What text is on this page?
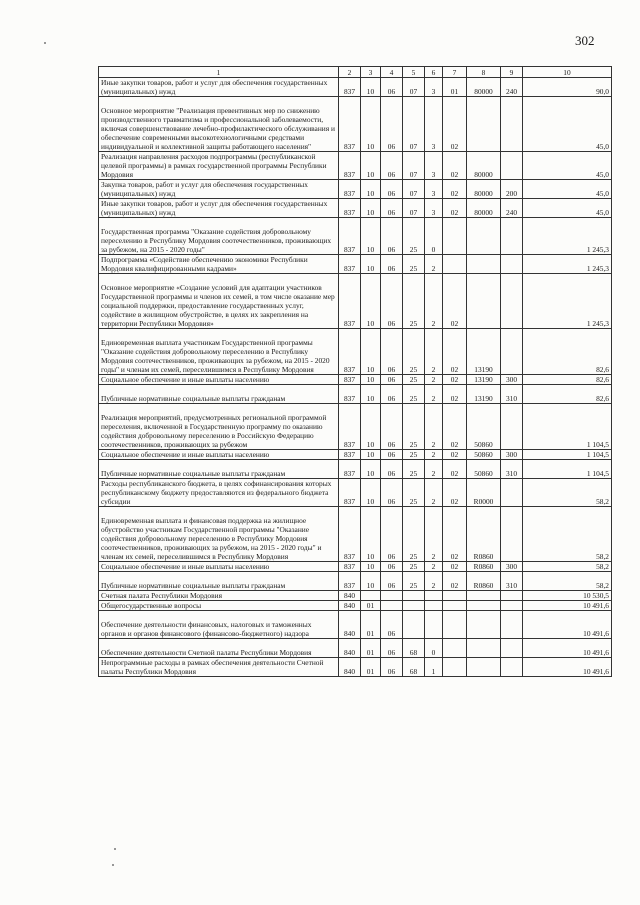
302
1	2	3	4	5	6	7	8	9	10
Иные закупки товаров, работ и услуг для обеспечения государственных (муниципальных) нужд	837	10	06	07	3	01	80000	240	90,0
Основное мероприятие "Реализация превентивных мер по снижению производственного травматизма и профессиональной заболеваемости, включая совершенствование лечебно-профилактического обслуживания и обеспечение современными высокотехнологичными средствами индивидуальной и коллективной защиты работающего населения"	837	10	06	07	3	02			45,0
Реализация направления расходов подпрограммы (республиканской целевой программы) в рамках государственной программы Республики Мордовия	837	10	06	07	3	02	80000		45,0
Закупка товаров, работ и услуг для обеспечения государственных (муниципальных) нужд	837	10	06	07	3	02	80000	200	45,0
Иные закупки товаров, работ и услуг для обеспечения государственных (муниципальных) нужд	837	10	06	07	3	02	80000	240	45,0
Государственная программа "Оказание содействия добровольному переселению в Республику Мордовия соотечественников, проживающих за рубежом, на 2015 - 2020 годы"	837	10	06	25	0				1 245,3
Подпрограмма «Содействие обеспечению экономики Республики Мордовия квалифицированными кадрами»	837	10	06	25	2				1 245,3
Основное мероприятие «Создание условий для адаптации участников Государственной программы и членов их семей, в том числе оказание мер социальной поддержки, предоставление государственных услуг, содействие в жилищном обустройстве, в целях их закрепления на территории Республики Мордовия»	837	10	06	25	2	02			1 245,3
Единовременная выплата участникам Государственной программы "Оказание содействия добровольному переселению в Республику Мордовия соотечественников, проживающих за рубежом, на 2015 - 2020 годы" и членам их семей, переселившимся в Республику Мордовия	837	10	06	25	2	02	13190		82,6
Социальное обеспечение и иные выплаты населению	837	10	06	25	2	02	13190	300	82,6
Публичные нормативные социальные выплаты гражданам	837	10	06	25	2	02	13190	310	82,6
Реализация мероприятий, предусмотренных региональной программой переселения, включенной в Государственную программу по оказанию содействия добровольному переселению в Российскую Федерацию соотечественников, проживающих за рубежом	837	10	06	25	2	02	50860		1 104,5
Социальное обеспечение и иные выплаты населению	837	10	06	25	2	02	50860	300	1 104,5
Публичные нормативные социальные выплаты гражданам	837	10	06	25	2	02	50860	310	1 104,5
Расходы республиканского бюджета, в целях софинансирования которых республиканскому бюджету предоставляются из федерального бюджета субсидии	837	10	06	25	2	02	R0000		58,2
Единовременная выплата и финансовая поддержка на жилищное обустройство участникам Государственной программы "Оказание содействия добровольному переселению в Республику Мордовия соотечественников, проживающих за рубежом, на 2015 - 2020 годы" и членам их семей, переселившимся в Республику Мордовия	837	10	06	25	2	02	R0860		58,2
Социальное обеспечение и иные выплаты населению	837	10	06	25	2	02	R0860	300	58,2
Публичные нормативные социальные выплаты гражданам	837	10	06	25	2	02	R0860	310	58,2
Счетная палата Республики Мордовия	840								10 530,5
Общегосударственные вопросы	840	01							10 491,6
Обеспечение деятельности финансовых, налоговых и таможенных органов и органов финансового (финансово-бюджетного) надзора	840	01	06						10 491,6
Обеспечение деятельности Счетной палаты Республики Мордовия	840	01	06	68	0				10 491,6
Непрограммные расходы в рамках обеспечения деятельности Счетной палаты Республики Мордовия	840	01	06	68	1				10 491,6
